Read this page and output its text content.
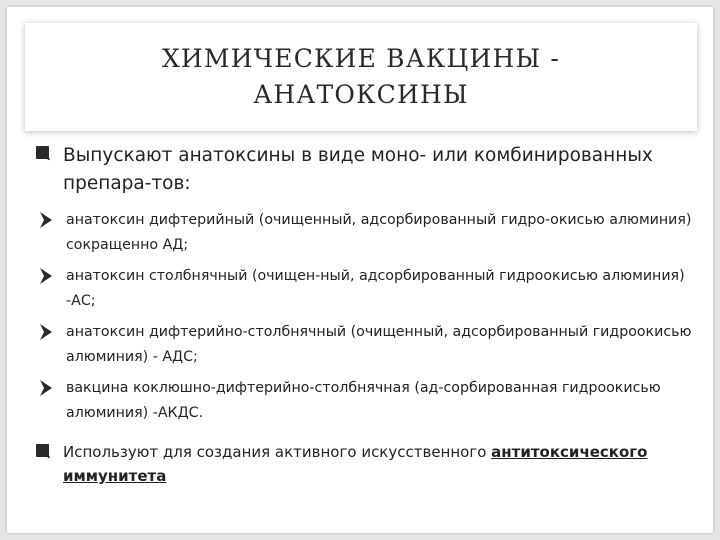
ХИМИЧЕСКИЕ ВАКЦИНЫ -
АНАТОКСИНЫ
Выпускают анатоксины в виде моно- или комбинированных препара-тов:
анатоксин дифтерийный (очищенный, адсорбированный гидро-окисью алюминия) сокращенно АД;
анатоксин столбнячный (очищен-ный, адсорбированный гидроокисью алюминия) -АС;
анатоксин дифтерийно-столбнячный (очищенный, адсорбированный гидроокисью алюминия) - АДС;
вакцина коклюшно-дифтерийно-столбнячная (ад-сорбированная гидроокисью алюминия) -АКДС.
Используют для создания активного искусственного антитоксического иммунитета
